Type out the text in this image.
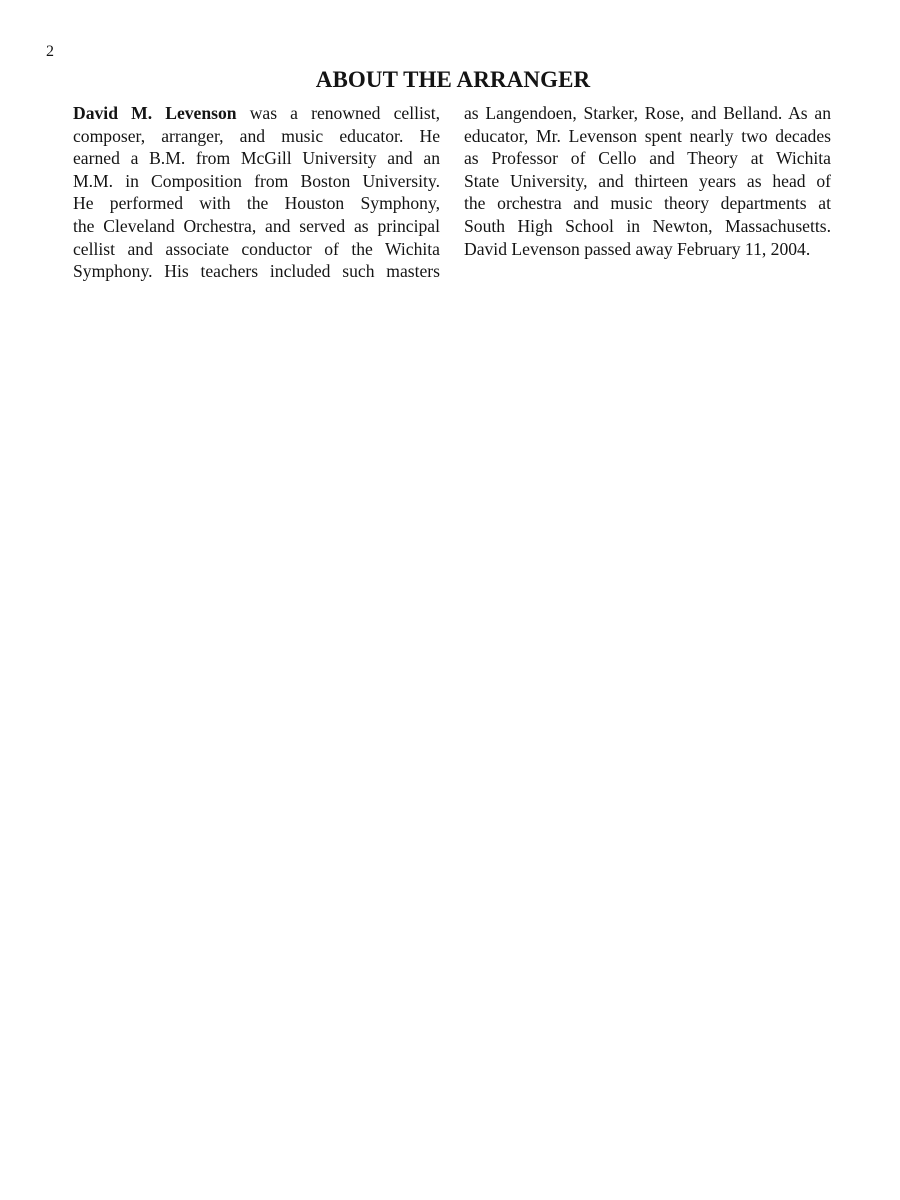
2
ABOUT THE ARRANGER
David M. Levenson was a renowned cellist,
composer, arranger, and music educator. He
earned a B.M. from McGill University and an
M.M. in Composition from Boston University.
He performed with the Houston Symphony,
the Cleveland Orchestra, and served as principal
cellist and associate conductor of the Wichita
Symphony. His teachers included such masters
as Langendoen, Starker, Rose, and Belland. As an
educator, Mr. Levenson spent nearly two decades
as Professor of Cello and Theory at Wichita
State University, and thirteen years as head of
the orchestra and music theory departments at
South High School in Newton, Massachusetts.
David Levenson passed away February 11, 2004.
